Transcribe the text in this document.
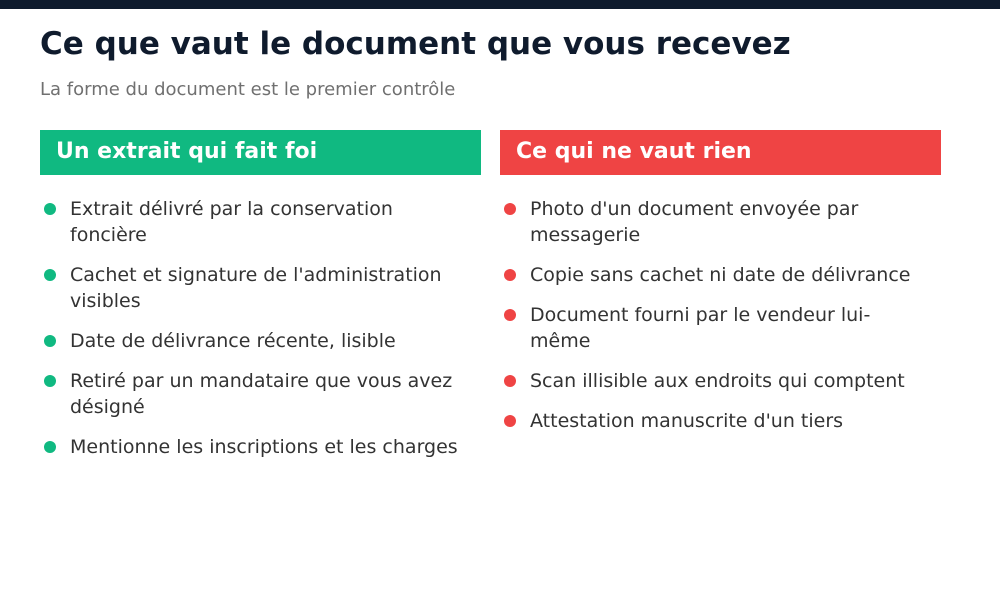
Ce que vaut le document que vous recevez

La forme du document est le premier contrôle

Un extrait qui fait foi
Extrait délivré par la conservation foncière
Cachet et signature de l'administration visibles
Date de délivrance récente, lisible
Retiré par un mandataire que vous avez désigné
Mentionne les inscriptions et les charges
Ce qui ne vaut rien
Photo d'un document envoyée par messagerie
Copie sans cachet ni date de délivrance
Document fourni par le vendeur lui-même
Scan illisible aux endroits qui comptent
Attestation manuscrite d'un tiers
